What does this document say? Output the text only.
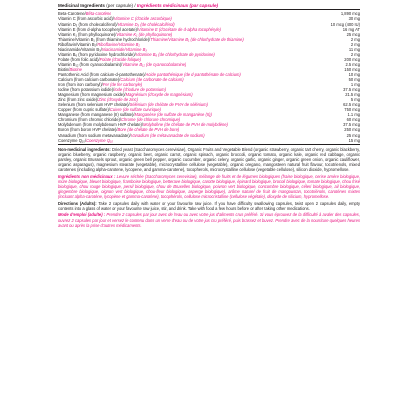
Medicinal Ingredients (per capsule) / Ingrédients médicinaux (par capsule)
Beta-Carotene/Bêta-carotène	1,890 mcg
Vitamin C (from ascorbic acid)/Vitamine C (d'acide ascorbique)	30 mg
Vitamin D₃ (from cholecalciferol)/Vitamine D₃ (de cholécalciférol)	10 mcg (400 IU)
Vitamin E (from d-alpha tocopheryl acetate)/Vitamine E (d'acétate de d-alpha tocophéryle)	16 mg AT
Vitamin K₁ (from phylloquinone)/Vitamine K₁ (de phylloquinone)	25 mcg
Thiamine/Vitamin B₁ (from thiamine hydrochloride)/Thiamine/Vitamine B₁ (de chlorhydrate de thiamine)	2 mg
Riboflavin/Vitamin B₂/Riboflavine/Vitamine B₂	2 mg
Niacinamide/Vitamin B₃/Niacinamide/Vitamine B₃	11 mg
Vitamin B₆ (from pyridoxine hydrochloride)/Vitamine B₆ (de chlorhydrate de pyridoxine)	2 mg
Folate (from folic acid)/Folate (d'acide folique)	200 mcg
Vitamin B₁₂ (from cyanocobalamin)/Vitamine B₁₂ (de cyanocobalamine)	2.5 mcg
Biotin/Biotine	150 mcg
Pantothenic Acid (from calcium-d-pantothenate)/Acide pantothénique (de d-pantothénate de calcium)	10 mg
Calcium (from calcium carbonate)/Calcium (de carbonate de calcium)	50 mg
Iron (from iron carbonyl)/Fer (de fer carbonyle)	1 mg
Iodine (from potassium iodide)/Iode (d'iodure de potassium)	37.5 mcg
Magnesium (from magnesium oxide)/Magnésium (d'oxyde de magnésium)	21.5 mg
Zinc (from zinc oxide)/Zinc (d'oxyde de zinc)	5 mg
Selenium (from selenium HVP chelate)/Sélénium (de chélate de PVH de sélénium)	62.5 mcg
Copper (from cupric sulfate)/Cuivre (de sulfate cuivrique)	750 mcg
Manganese (from manganese (II) sulfate)/Manganèse (de sulfate de manganèse (II))	1.1 mg
Chromium (from chromic chloride)/Chrome (de chlorure chromique)	60 mcg
Molybdenum (from molybdenum HVP chelate)/Molybdène (de chélate de PVH de molybdène)	37.5 mcg
Boron (from boron HVP chelate)/Bore (de chélate de PVH de bore)	250 mcg
Vanadium (from sodium metavanadate)/Vanadium (de métavanadate de sodium)	25 mcg
Coenzyme Q₁₀/Coenzyme Q₁₀	15 mg

Non-medicinal ingredients: Dried yeast (Saccharomyces cerevisiae), Organic Fruits and Vegetable Blend (organic strawberry, organic tart cherry, organic blackberry, organic blueberry, organic raspberry, organic beet, organic carrot, organic spinach, organic broccoli, organic tomato, organic kale, organic red cabbage, organic parsley, organic Brussels sprout, organic green bell pepper, organic cucumber, organic celery, organic garlic, organic ginger, organic green onion, organic cauliflower, organic asparagus), magnesium stearate (vegetable), microcrystalline cellulose (vegetable), organic oregano, mangosteen natural fruit flavour, tocotrienols, mixed carotenes (including alpha-carotene, lycopene, and gamma-carotene), tocopherols, microcrystalline cellulose (vegetable cellulose), silicon dioxide, hypromellose.

Ingrédients non médicinaux : Levure séchée (Saccharomyces cerevisiae), mélange de fruits et de légumes biologiques (fraise biologique, cerise amère biologique, mûre biologique, bleuet biologique, framboise biologique, betterave biologique, carotte biologique, épinard biologique, brocoli biologique, tomate biologique, chou frisé biologique, chou rouge biologique, persil biologique, chou de Bruxelles biologique, poivron vert biologique, concombre biologique, céleri biologique, ail biologique, gingembre biologique, oignon vert biologique, chou-fleur biologique, asperge biologique), arôme naturel de fruit de mangoustan, tocotriénols, caroténes mixtes (incluant alpha-carotène, lycopène et gamma-carotène), tocophérols, cellulose microcristalline (cellulose végétale), dioxyde de silicium, hypromellose.

Directions (Adults): Take 2 capsules daily with water or your favourite raw juice. If you have difficulty swallowing capsules, twist open 2 capsules daily, empty contents into a glass of water or your favourite raw juice, stir, and drink. Take with food a few hours before or after taking other medications.

Mode d'emploi (adulte) : Prendre 2 capsules par jour avec de l'eau ou avec votre jus d'aliments crus préféré. Si vous éprouvez de la difficulté à avaler des capsules, ouvrez 2 capsules par jour et versez le contenu dans un verre d'eau ou de votre jus cru préféré, puis brassez et buvez. Prendre avec de la nourriture quelques heures avant ou après la prise d'autres médicaments.
